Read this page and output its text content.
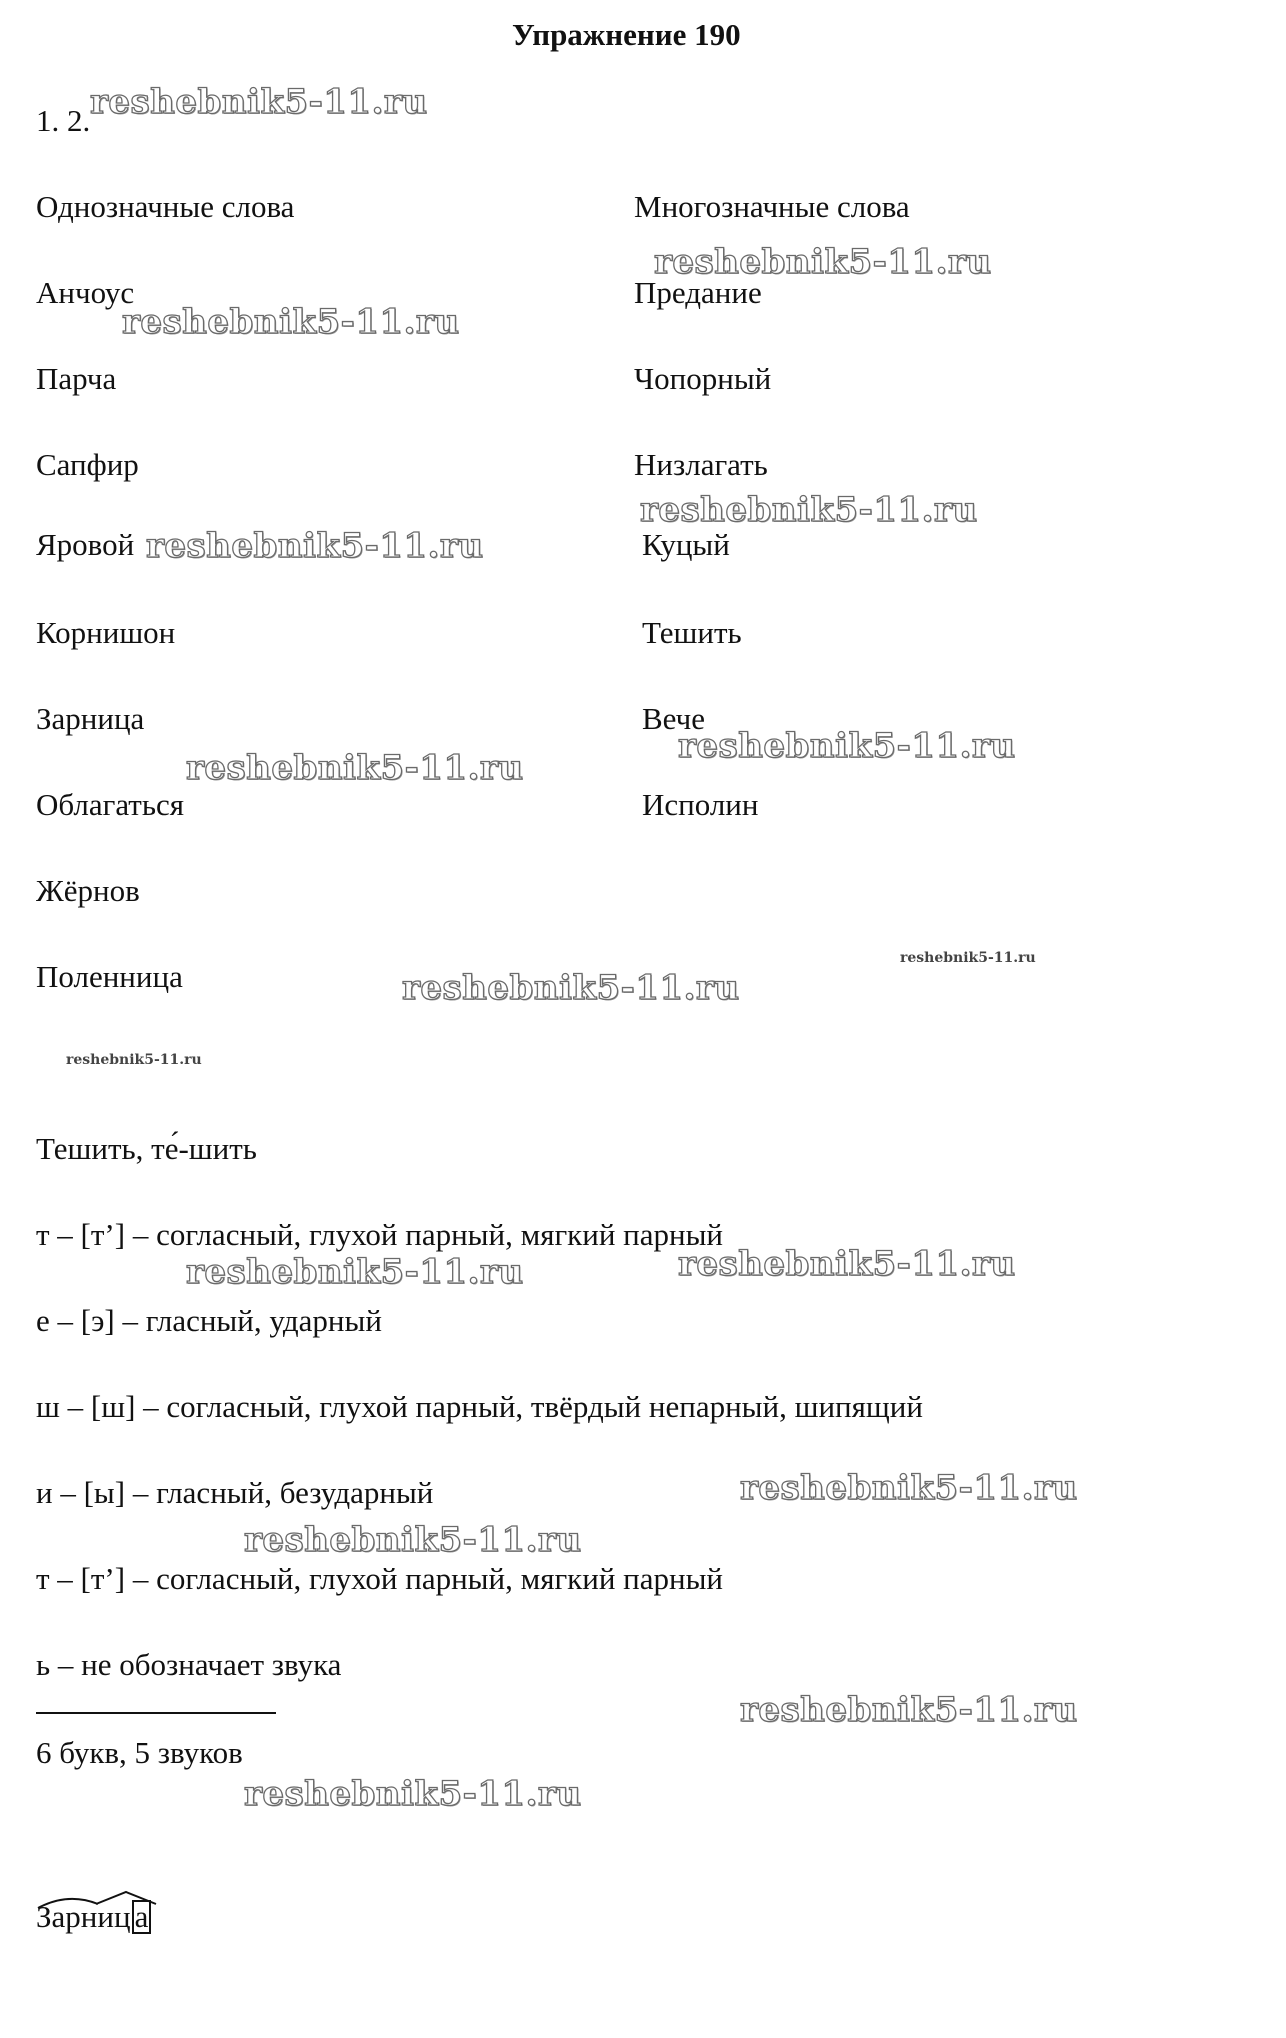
Упражнение 190
1. 2.
Однозначные слова	Многозначные слова
Анчоус
Парча
Сапфир
Яровой
Корнишон
Зарница
Облагаться
Жёрнов
Поленница
Предание
Чопорный
Низлагать
Куцый
Тешить
Вече
Исполин
Тешить, те́-шить
т – [т’] – согласный, глухой парный, мягкий парный
е – [э] – гласный, ударный
ш – [ш] – согласный, глухой парный, твёрдый непарный, шипящий
и – [ы] – гласный, безударный
т – [т’] – согласный, глухой парный, мягкий парный
ь – не обозначает звука
6 букв, 5 звуков
Зарниц а
reshebnik5-11.ru
reshebnik5-11.ru
reshebnik5-11.ru
reshebnik5-11.ru
reshebnik5-11.ru
reshebnik5-11.ru
reshebnik5-11.ru
reshebnik5-11.ru
reshebnik5-11.ru	reshebnik5-11.ru
reshebnik5-11.ru
reshebnik5-11.ru
reshebnik5-11.ru
reshebnik5-11.ru
reshebnik5-11.ru
reshebnik5-11.ru
